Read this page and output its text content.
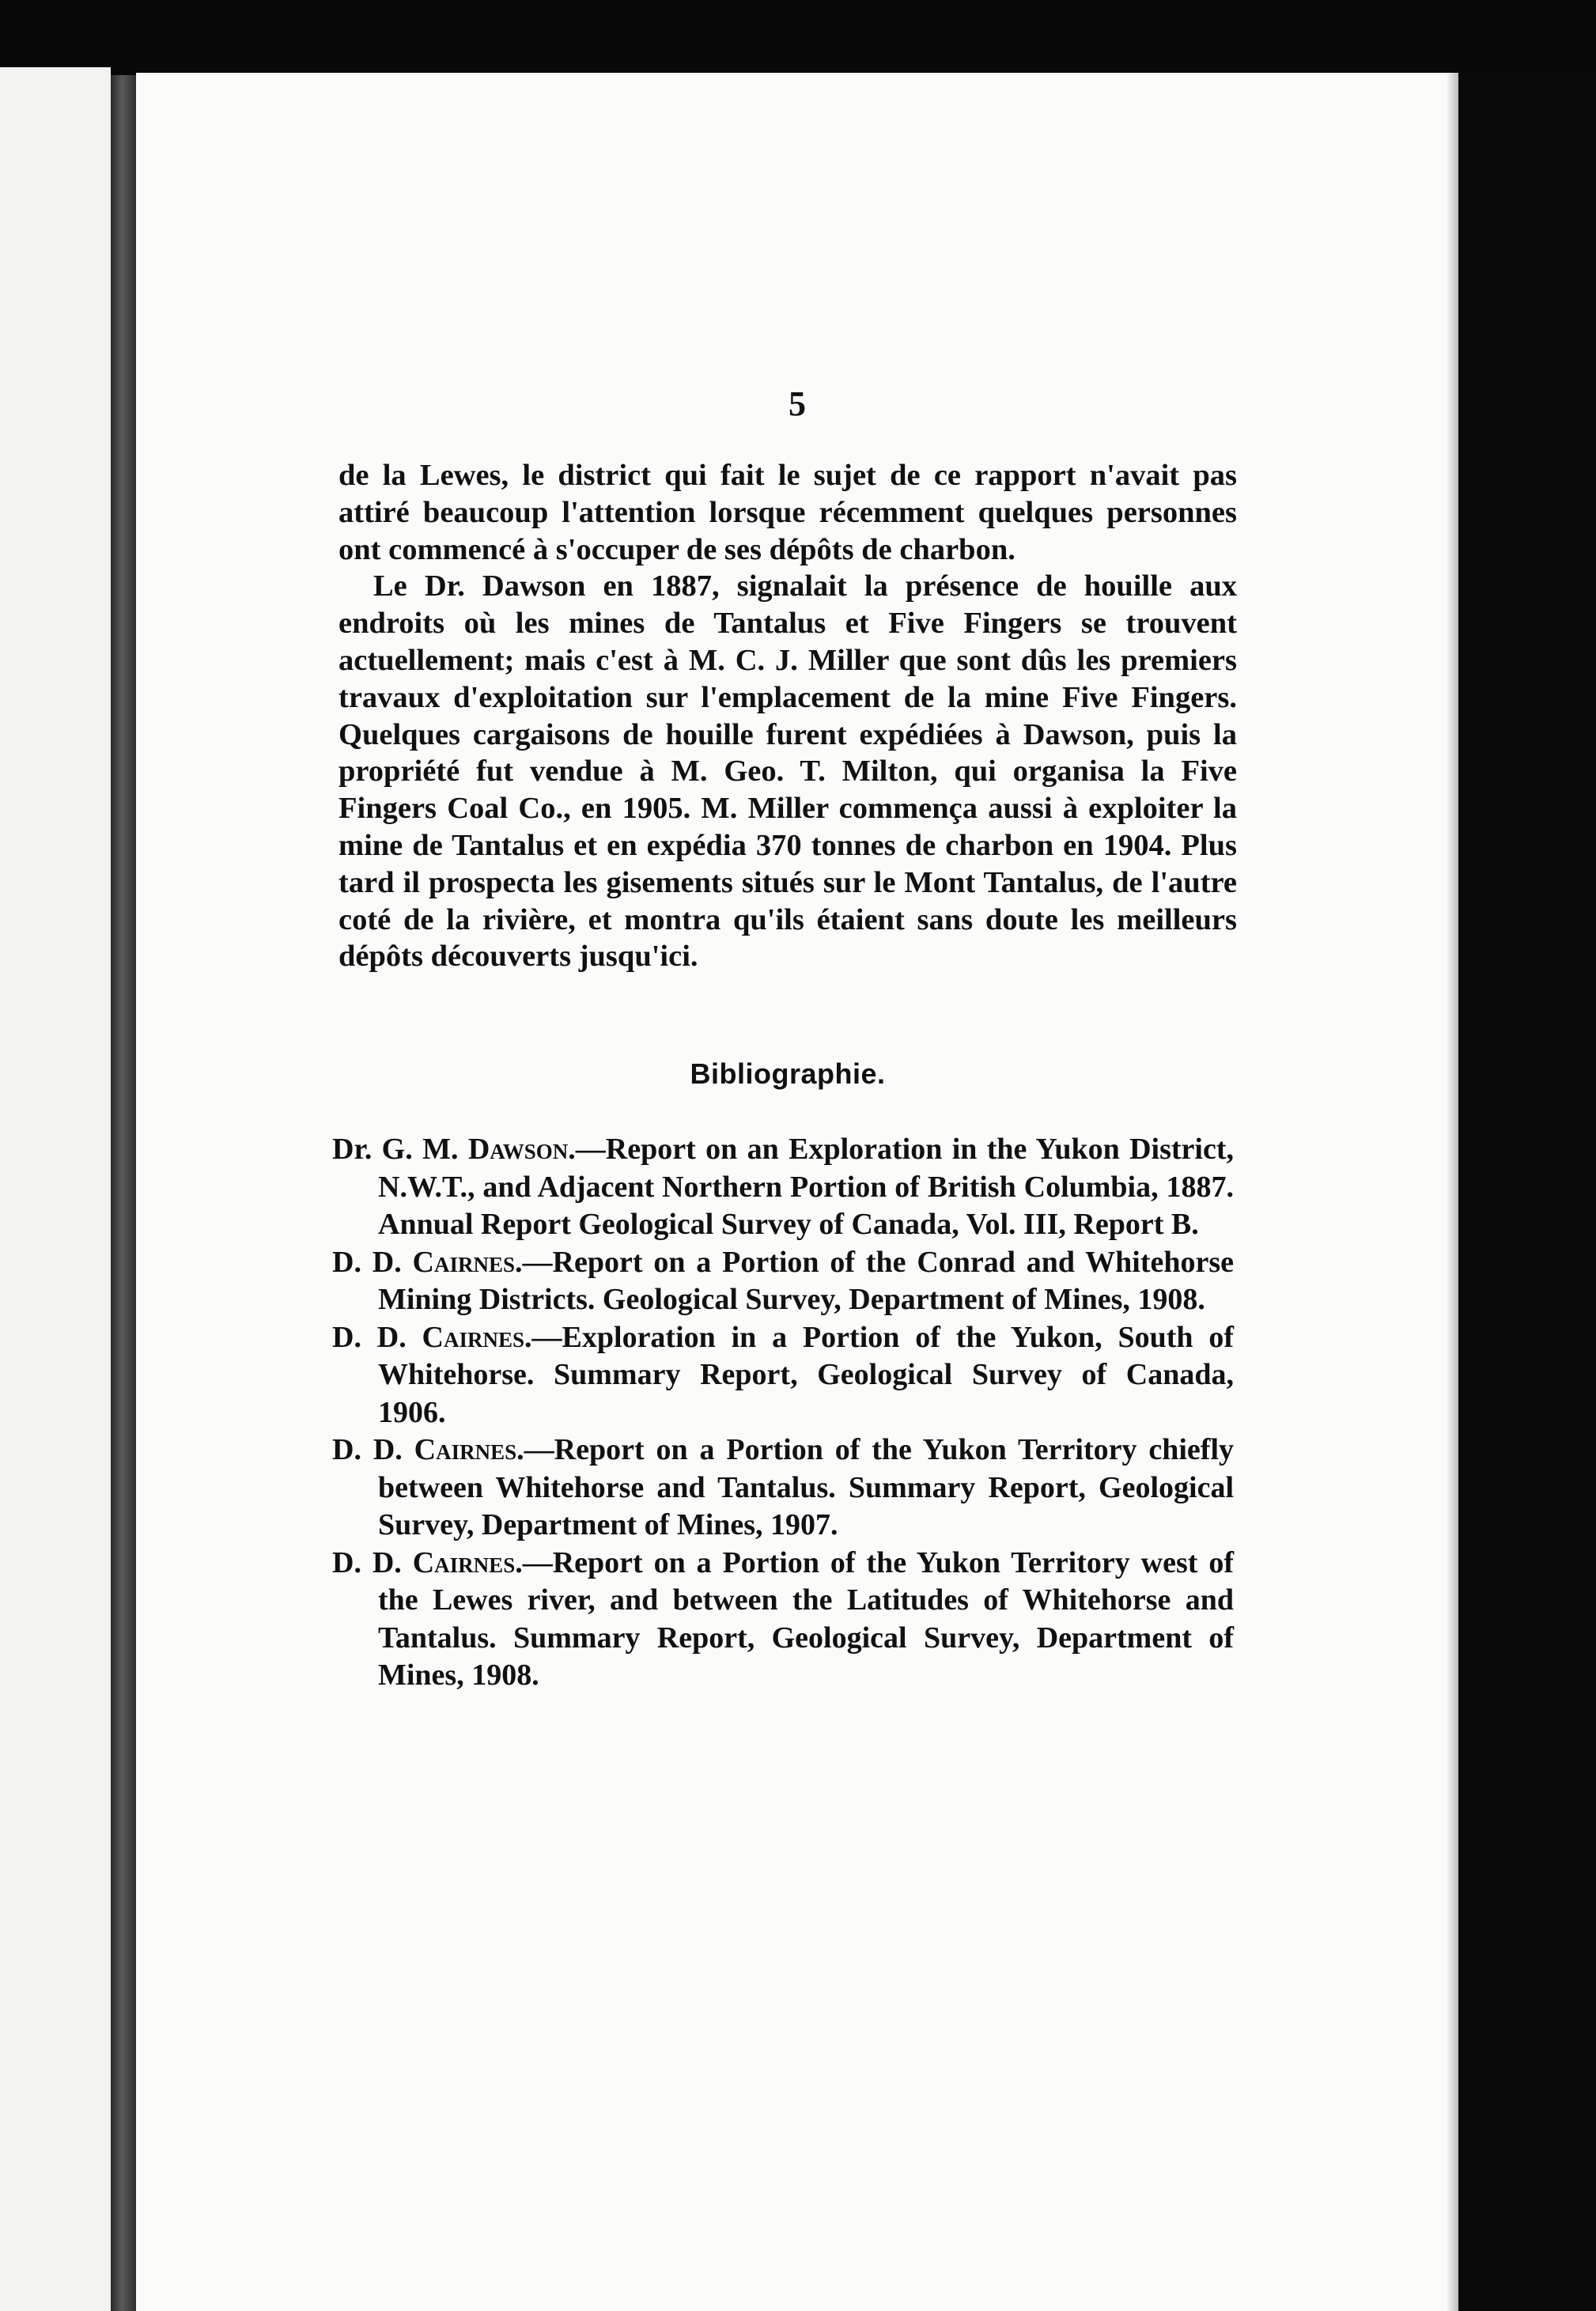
5

de la Lewes, le district qui fait le sujet de ce rapport n'avait pas attiré beaucoup l'attention lorsque récemment quelques personnes ont commencé à s'occuper de ses dépôts de charbon.

Le Dr. Dawson en 1887, signalait la présence de houille aux endroits où les mines de Tantalus et Five Fingers se trouvent actuellement; mais c'est à M. C. J. Miller que sont dûs les premiers travaux d'exploitation sur l'emplacement de la mine Five Fingers. Quelques cargaisons de houille furent expédiées à Dawson, puis la propriété fut vendue à M. Geo. T. Milton, qui organisa la Five Fingers Coal Co., en 1905. M. Miller commença aussi à exploiter la mine de Tantalus et en expédia 370 tonnes de charbon en 1904. Plus tard il prospecta les gisements situés sur le Mont Tantalus, de l'autre coté de la rivière, et montra qu'ils étaient sans doute les meilleurs dépôts découverts jusqu'ici.

Bibliographie.

Dr. G. M. Dawson.—Report on an Exploration in the Yukon District, N.W.T., and Adjacent Northern Portion of British Columbia, 1887. Annual Report Geological Survey of Canada, Vol. III, Report B.

D. D. Cairnes.—Report on a Portion of the Conrad and Whitehorse Mining Districts. Geological Survey, Department of Mines, 1908.

D. D. Cairnes.—Exploration in a Portion of the Yukon, South of Whitehorse. Summary Report, Geological Survey of Canada, 1906.

D. D. Cairnes.—Report on a Portion of the Yukon Territory chiefly between Whitehorse and Tantalus. Summary Report, Geological Survey, Department of Mines, 1907.

D. D. Cairnes.—Report on a Portion of the Yukon Territory west of the Lewes river, and between the Latitudes of Whitehorse and Tantalus. Summary Report, Geological Survey, Department of Mines, 1908.
